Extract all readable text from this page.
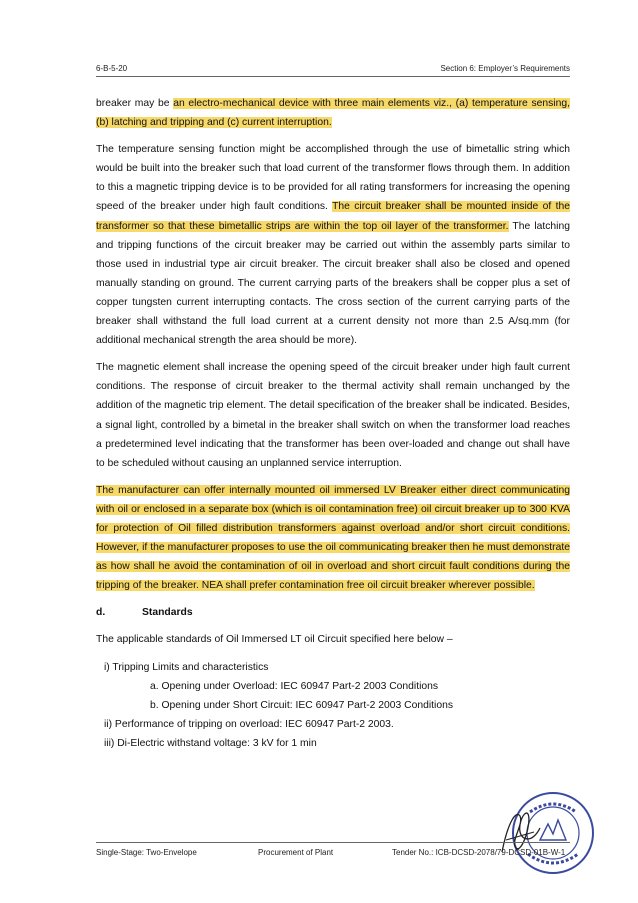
6-B-5-20	Section 6: Employer’s Requirements

breaker may be an electro-mechanical device with three main elements viz., (a) temperature sensing, (b) latching and tripping and (c) current interruption.

The temperature sensing function might be accomplished through the use of bimetallic string which would be built into the breaker such that load current of the transformer flows through them. In addition to this a magnetic tripping device is to be provided for all rating transformers for increasing the opening speed of the breaker under high fault conditions. The circuit breaker shall be mounted inside of the transformer so that these bimetallic strips are within the top oil layer of the transformer. The latching and tripping functions of the circuit breaker may be carried out within the assembly parts similar to those used in industrial type air circuit breaker. The circuit breaker shall also be closed and opened manually standing on ground. The current carrying parts of the breakers shall be copper plus a set of copper tungsten current interrupting contacts. The cross section of the current carrying parts of the breaker shall withstand the full load current at a current density not more than 2.5 A/sq.mm (for additional mechanical strength the area should be more).

The magnetic element shall increase the opening speed of the circuit breaker under high fault current conditions. The response of circuit breaker to the thermal activity shall remain unchanged by the addition of the magnetic trip element. The detail specification of the breaker shall be indicated. Besides, a signal light, controlled by a bimetal in the breaker shall switch on when the transformer load reaches a predetermined level indicating that the transformer has been over-loaded and change out shall have to be scheduled without causing an unplanned service interruption.

The manufacturer can offer internally mounted oil immersed LV Breaker either direct communicating with oil or enclosed in a separate box (which is oil contamination free) oil circuit breaker up to 300 KVA for protection of Oil filled distribution transformers against overload and/or short circuit conditions. However, if the manufacturer proposes to use the oil communicating breaker then he must demonstrate as how shall he avoid the contamination of oil in overload and short circuit fault conditions during the tripping of the breaker. NEA shall prefer contamination free oil circuit breaker wherever possible.

d.	Standards

The applicable standards of Oil Immersed LT oil Circuit specified here below –

i) Tripping Limits and characteristics
a. Opening under Overload: IEC 60947 Part-2 2003 Conditions
b. Opening under Short Circuit: IEC 60947 Part-2 2003 Conditions
ii) Performance of tripping on overload: IEC 60947 Part-2 2003.
iii) Di-Electric withstand voltage: 3 kV for 1 min
Single-Stage: Two-Envelope	Procurement of Plant	Tender No.: ICB-DCSD-2078/79-DCSD-01B-W-1
